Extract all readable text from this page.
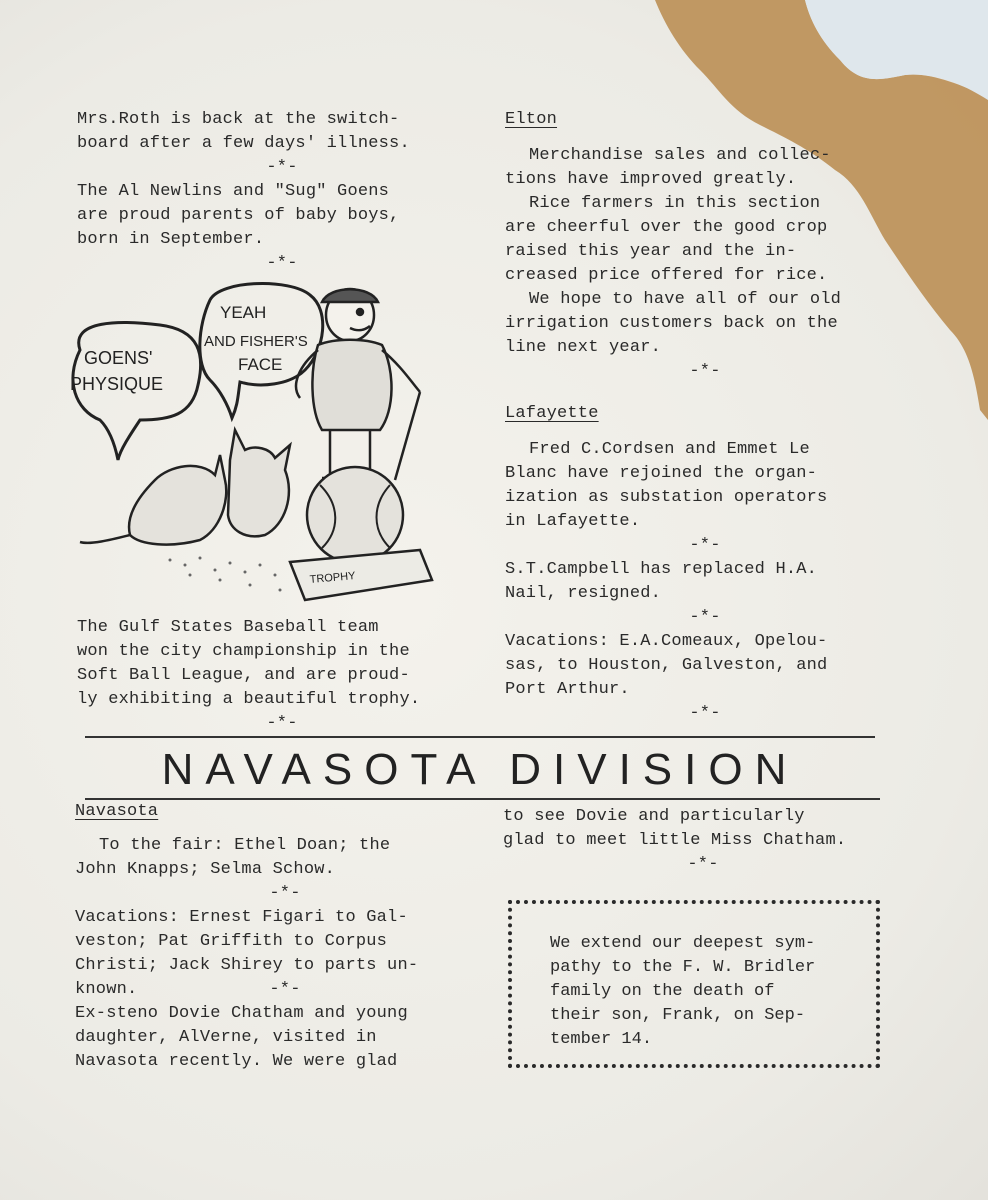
Mrs.Roth is back at the switch-

board after a few days' illness.

-*-

The Al Newlins and "Sug" Goens

are proud parents of baby boys,

born in September.

-*-

GOENS'
PHYSIQUE
YEAH
AND FISHER'S
FACE
TROPHY

The Gulf States Baseball team

won the city championship in the

Soft Ball League, and are proud-

ly exhibiting a beautiful trophy.

-*-

Elton

Merchandise sales and collec-

tions have improved greatly.

Rice farmers in this section

are cheerful over the good crop

raised this year and the in-

creased price offered for rice.

We hope to have all of our old

irrigation customers back on the

line next year.

-*-

Lafayette

Fred C.Cordsen and Emmet Le

Blanc have rejoined the organ-

ization as substation operators

in Lafayette.

-*-

S.T.Campbell has replaced H.A.

Nail, resigned.

-*-

Vacations: E.A.Comeaux, Opelou-

sas, to Houston, Galveston, and

Port Arthur.

-*-

NAVASOTA DIVISION

Navasota

To the fair: Ethel Doan; the

John Knapps; Selma Schow.

-*-

Vacations: Ernest Figari to Gal-

veston; Pat Griffith to Corpus

Christi; Jack Shirey to parts un-

known.	-*-

Ex-steno Dovie Chatham and young

daughter, AlVerne, visited in

Navasota recently. We were glad

to see Dovie and particularly

glad to meet little Miss Chatham.

-*-

We extend our deepest sym-

pathy to the F. W. Bridler

family on the death of

their son, Frank, on Sep-

tember 14.
